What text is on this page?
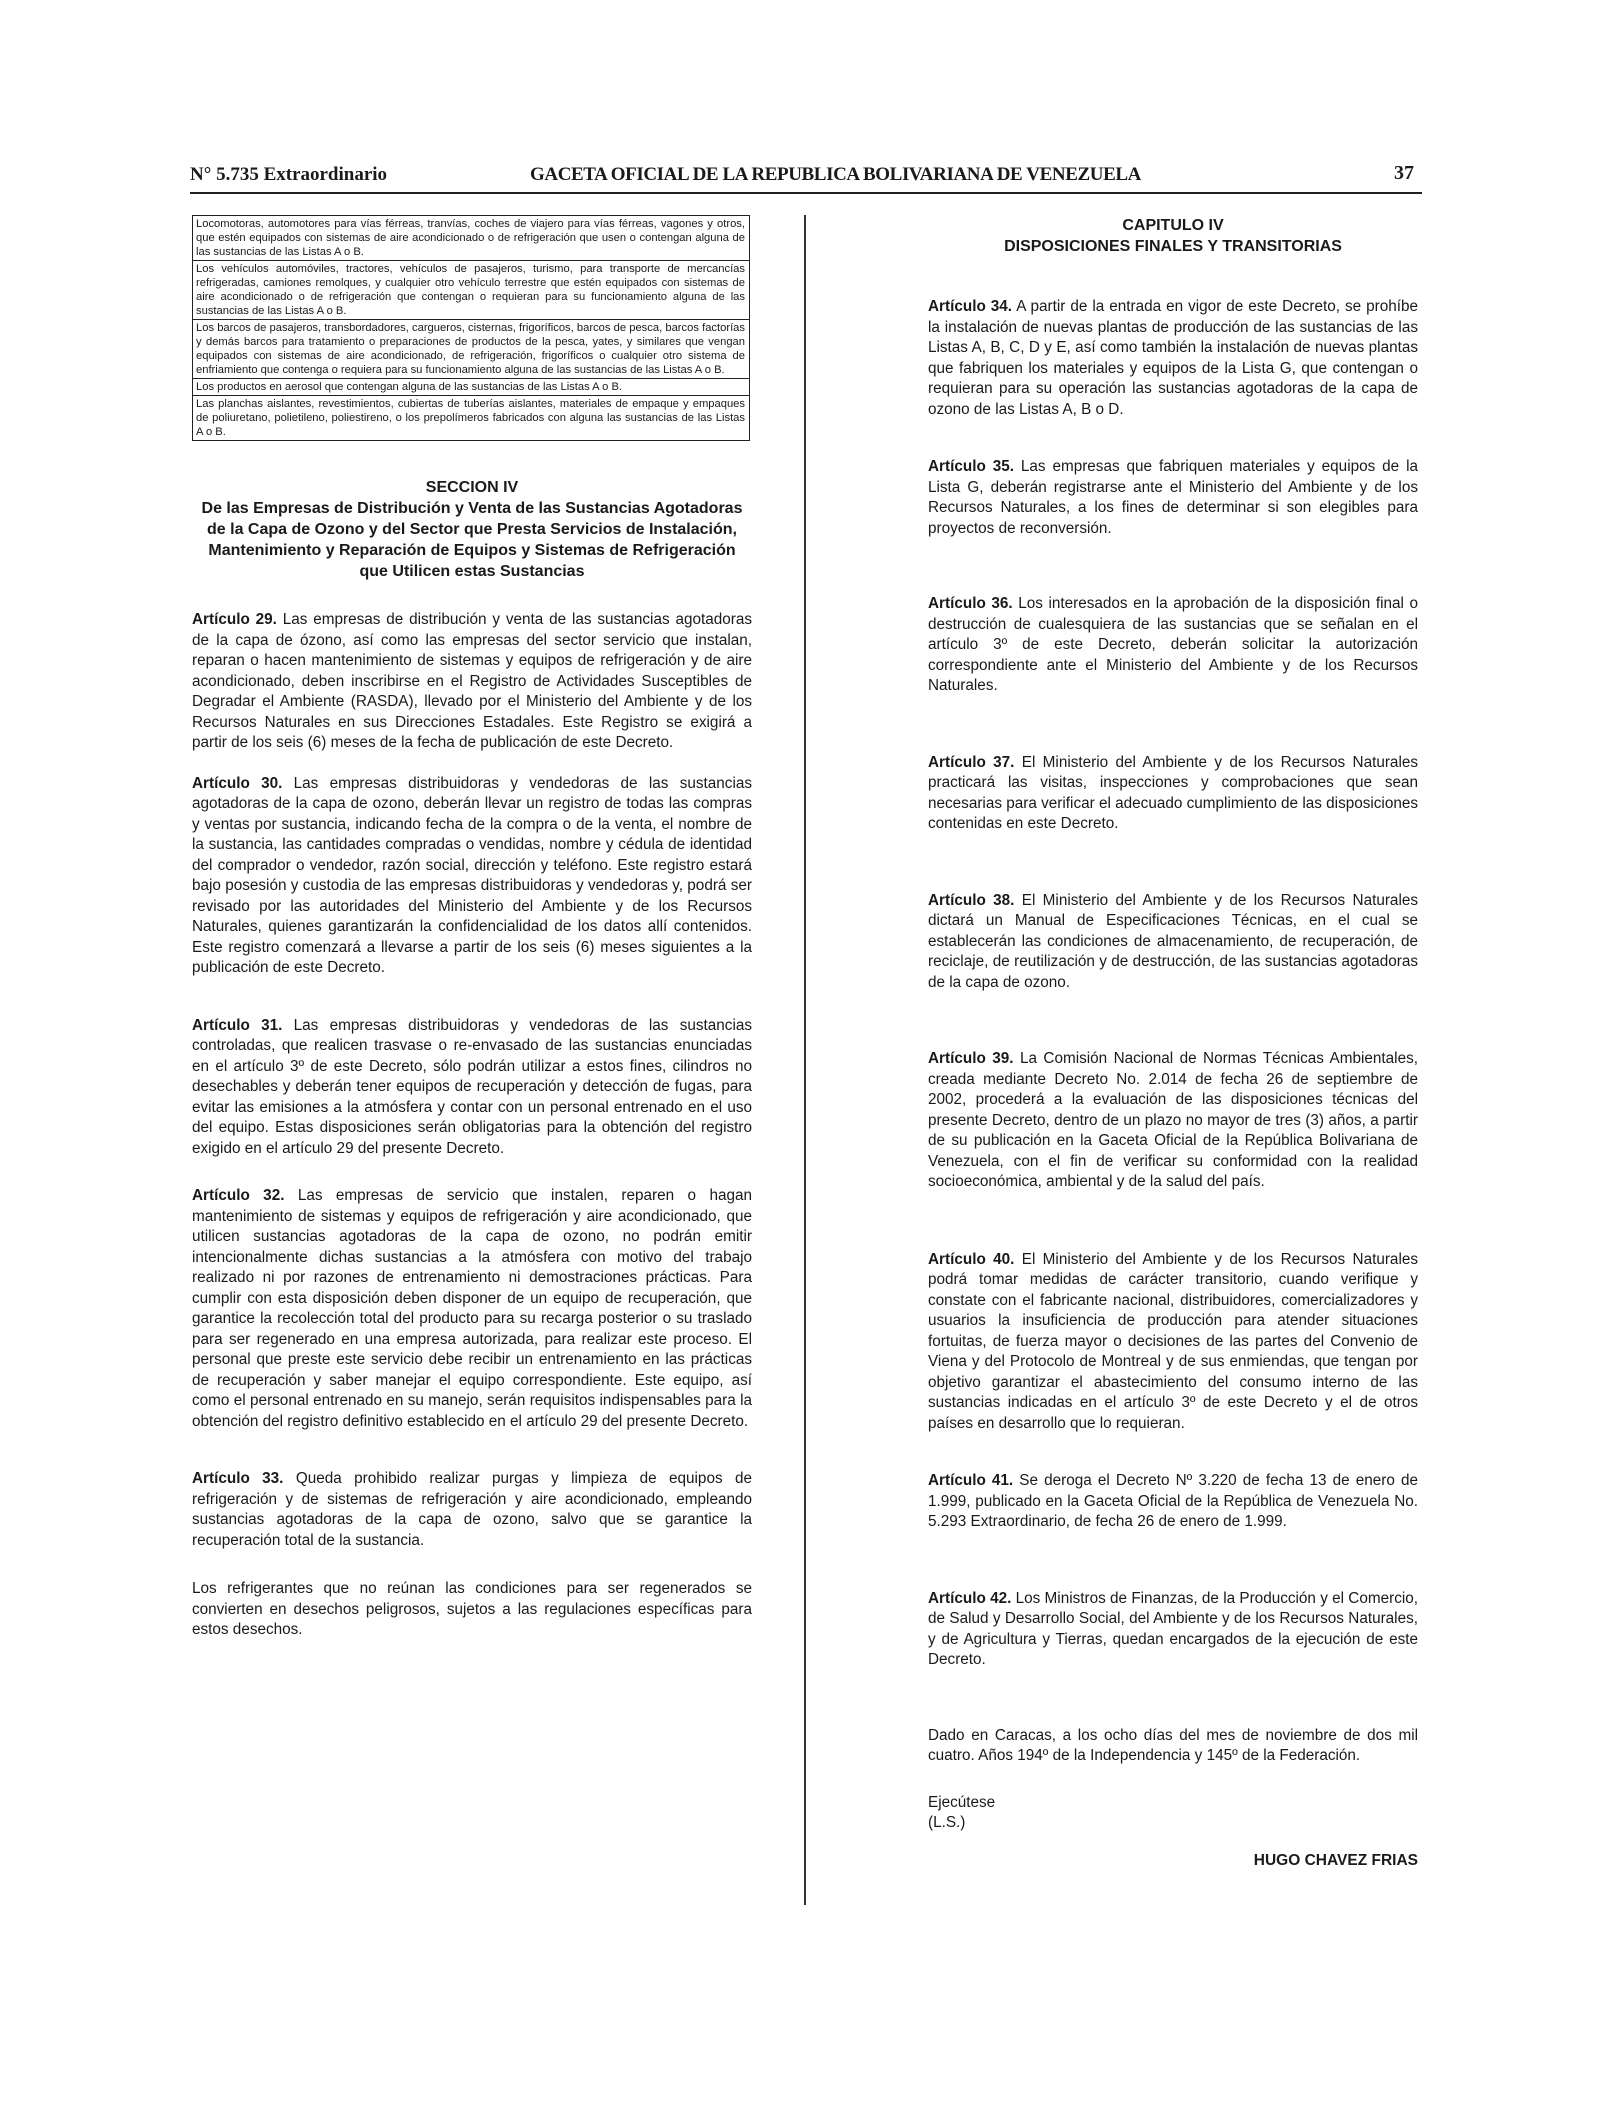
N° 5.735 Extraordinario	GACETA OFICIAL DE LA REPUBLICA BOLIVARIANA DE VENEZUELA	37
Locomotoras, automotores para vías férreas, tranvías, coches de viajero para vías férreas, vagones y otros, que estén equipados con sistemas de aire acondicionado o de refrigeración que usen o contengan alguna de las sustancias de las Listas A o B.
Los vehículos automóviles, tractores, vehículos de pasajeros, turismo, para transporte de mercancías refrigeradas, camiones remolques, y cualquier otro vehículo terrestre que estén equipados con sistemas de aire acondicionado o de refrigeración que contengan o requieran para su funcionamiento alguna de las sustancias de las Listas A o B.
Los barcos de pasajeros, transbordadores, cargueros, cisternas, frigoríficos, barcos de pesca, barcos factorías y demás barcos para tratamiento o preparaciones de productos de la pesca, yates, y similares que vengan equipados con sistemas de aire acondicionado, de refrigeración, frigoríficos o cualquier otro sistema de enfriamiento que contenga o requiera para su funcionamiento alguna de las sustancias de las Listas A o B.
Los productos en aerosol que contengan alguna de las sustancias de las Listas A o B.
Las planchas aislantes, revestimientos, cubiertas de tuberías aislantes, materiales de empaque y empaques de poliuretano, polietileno, poliestireno, o los prepolímeros fabricados con alguna las sustancias de las Listas A o B.
SECCION IV
De las Empresas de Distribución y Venta de las Sustancias Agotadoras de la Capa de Ozono y del Sector que Presta Servicios de Instalación, Mantenimiento y Reparación de Equipos y Sistemas de Refrigeración que Utilicen estas Sustancias

Artículo 29. Las empresas de distribución y venta de las sustancias agotadoras de la capa de ózono, así como las empresas del sector servicio que instalan, reparan o hacen mantenimiento de sistemas y equipos de refrigeración y de aire acondicionado, deben inscribirse en el Registro de Actividades Susceptibles de Degradar el Ambiente (RASDA), llevado por el Ministerio del Ambiente y de los Recursos Naturales en sus Direcciones Estadales. Este Registro se exigirá a partir de los seis (6) meses de la fecha de publicación de este Decreto.

Artículo 30. Las empresas distribuidoras y vendedoras de las sustancias agotadoras de la capa de ozono, deberán llevar un registro de todas las compras y ventas por sustancia, indicando fecha de la compra o de la venta, el nombre de la sustancia, las cantidades compradas o vendidas, nombre y cédula de identidad del comprador o vendedor, razón social, dirección y teléfono. Este registro estará bajo posesión y custodia de las empresas distribuidoras y vendedoras y, podrá ser revisado por las autoridades del Ministerio del Ambiente y de los Recursos Naturales, quienes garantizarán la confidencialidad de los datos allí contenidos. Este registro comenzará a llevarse a partir de los seis (6) meses siguientes a la publicación de este Decreto.

Artículo 31. Las empresas distribuidoras y vendedoras de las sustancias controladas, que realicen trasvase o re-envasado de las sustancias enunciadas en el artículo 3º de este Decreto, sólo podrán utilizar a estos fines, cilindros no desechables y deberán tener equipos de recuperación y detección de fugas, para evitar las emisiones a la atmósfera y contar con un personal entrenado en el uso del equipo. Estas disposiciones serán obligatorias para la obtención del registro exigido en el artículo 29 del presente Decreto.

Artículo 32. Las empresas de servicio que instalen, reparen o hagan mantenimiento de sistemas y equipos de refrigeración y aire acondicionado, que utilicen sustancias agotadoras de la capa de ozono, no podrán emitir intencionalmente dichas sustancias a la atmósfera con motivo del trabajo realizado ni por razones de entrenamiento ni demostraciones prácticas. Para cumplir con esta disposición deben disponer de un equipo de recuperación, que garantice la recolección total del producto para su recarga posterior o su traslado para ser regenerado en una empresa autorizada, para realizar este proceso. El personal que preste este servicio debe recibir un entrenamiento en las prácticas de recuperación y saber manejar el equipo correspondiente. Este equipo, así como el personal entrenado en su manejo, serán requisitos indispensables para la obtención del registro definitivo establecido en el artículo 29 del presente Decreto.

Artículo 33. Queda prohibido realizar purgas y limpieza de equipos de refrigeración y de sistemas de refrigeración y aire acondicionado, empleando sustancias agotadoras de la capa de ozono, salvo que se garantice la recuperación total de la sustancia.

Los refrigerantes que no reúnan las condiciones para ser regenerados se convierten en desechos peligrosos, sujetos a las regulaciones específicas para estos desechos.

CAPITULO IV
DISPOSICIONES FINALES Y TRANSITORIAS

Artículo 34. A partir de la entrada en vigor de este Decreto, se prohíbe la instalación de nuevas plantas de producción de las sustancias de las Listas A, B, C, D y E, así como también la instalación de nuevas plantas que fabriquen los materiales y equipos de la Lista G, que contengan o requieran para su operación las sustancias agotadoras de la capa de ozono de las Listas A, B o D.

Artículo 35. Las empresas que fabriquen materiales y equipos de la Lista G, deberán registrarse ante el Ministerio del Ambiente y de los Recursos Naturales, a los fines de determinar si son elegibles para proyectos de reconversión.

Artículo 36. Los interesados en la aprobación de la disposición final o destrucción de cualesquiera de las sustancias que se señalan en el artículo 3º de este Decreto, deberán solicitar la autorización correspondiente ante el Ministerio del Ambiente y de los Recursos Naturales.

Artículo 37. El Ministerio del Ambiente y de los Recursos Naturales practicará las visitas, inspecciones y comprobaciones que sean necesarias para verificar el adecuado cumplimiento de las disposiciones contenidas en este Decreto.

Artículo 38. El Ministerio del Ambiente y de los Recursos Naturales dictará un Manual de Especificaciones Técnicas, en el cual se establecerán las condiciones de almacenamiento, de recuperación, de reciclaje, de reutilización y de destrucción, de las sustancias agotadoras de la capa de ozono.

Artículo 39. La Comisión Nacional de Normas Técnicas Ambientales, creada mediante Decreto No. 2.014 de fecha 26 de septiembre de 2002, procederá a la evaluación de las disposiciones técnicas del presente Decreto, dentro de un plazo no mayor de tres (3) años, a partir de su publicación en la Gaceta Oficial de la República Bolivariana de Venezuela, con el fin de verificar su conformidad con la realidad socioeconómica, ambiental y de la salud del país.

Artículo 40. El Ministerio del Ambiente y de los Recursos Naturales podrá tomar medidas de carácter transitorio, cuando verifique y constate con el fabricante nacional, distribuidores, comercializadores y usuarios la insuficiencia de producción para atender situaciones fortuitas, de fuerza mayor o decisiones de las partes del Convenio de Viena y del Protocolo de Montreal y de sus enmiendas, que tengan por objetivo garantizar el abastecimiento del consumo interno de las sustancias indicadas en el artículo 3º de este Decreto y el de otros países en desarrollo que lo requieran.

Artículo 41. Se deroga el Decreto Nº 3.220 de fecha 13 de enero de 1.999, publicado en la Gaceta Oficial de la República de Venezuela No. 5.293 Extraordinario, de fecha 26 de enero de 1.999.

Artículo 42. Los Ministros de Finanzas, de la Producción y el Comercio, de Salud y Desarrollo Social, del Ambiente y de los Recursos Naturales, y de Agricultura y Tierras, quedan encargados de la ejecución de este Decreto.

Dado en Caracas, a los ocho días del mes de noviembre de dos mil cuatro. Años 194º de la Independencia y 145º de la Federación.

Ejecútese

(L.S.)

HUGO CHAVEZ FRIAS
